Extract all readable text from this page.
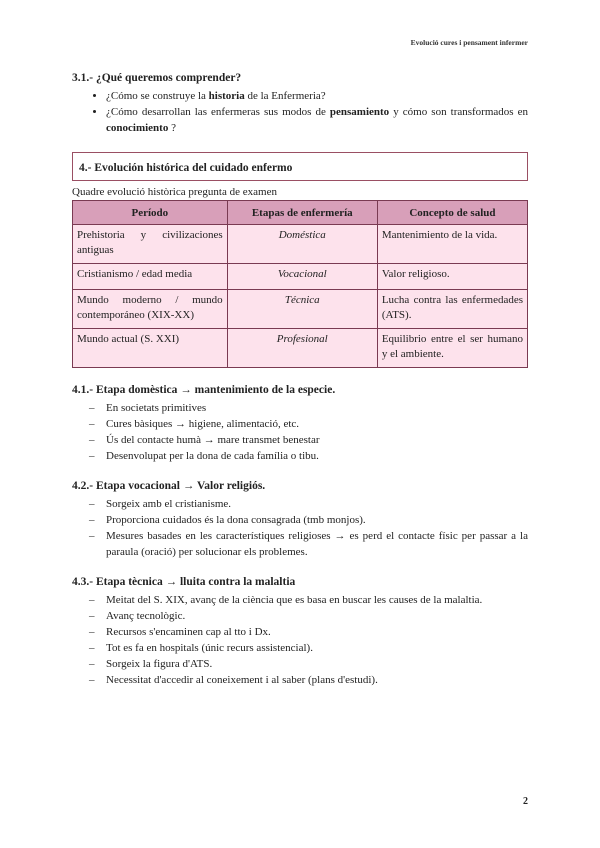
Evolució cures i pensament infermer
3.1.- ¿Qué queremos comprender?
• ¿Cómo se construye la historia de la Enfermeria?
• ¿Cómo desarrollan las enfermeras sus modos de pensamiento y cómo son transformados en conocimiento ?
4.- Evolución histórica del cuidado enfermo
Quadre evolució històrica pregunta de examen
Período	Etapas de enfermería	Concepto de salud
Prehistoria y civilizaciones antiguas	Doméstica	Mantenimiento de la vida.
Cristianismo / edad media	Vocacional	Valor religioso.
Mundo moderno / mundo contemporáneo (XIX-XX)	Técnica	Lucha contra las enfermedades (ATS).
Mundo actual (S. XXI)	Profesional	Equilibrio entre el ser humano y el ambiente.
4.1.- Etapa domèstica → mantenimiento de la especie.
– En societats primitives
– Cures bàsiques → higiene, alimentació, etc.
– Ús del contacte humà → mare transmet benestar
– Desenvolupat per la dona de cada família o tibu.
4.2.- Etapa vocacional → Valor religiós.
– Sorgeix amb el cristianisme.
– Proporciona cuidados és la dona consagrada (tmb monjos).
– Mesures basades en les característiques religioses → es perd el contacte físic per passar a la paraula (oració) per solucionar els problemes.
4.3.- Etapa tècnica → lluita contra la malaltia
– Meitat del S. XIX, avanç de la ciència que es basa en buscar les causes de la malaltia.
– Avanç tecnològic.
– Recursos s'encaminen cap al tto i Dx.
– Tot es fa en hospitals (únic recurs assistencial).
– Sorgeix la figura d'ATS.
– Necessitat d'accedir al coneixement i al saber (plans d'estudi).
2
